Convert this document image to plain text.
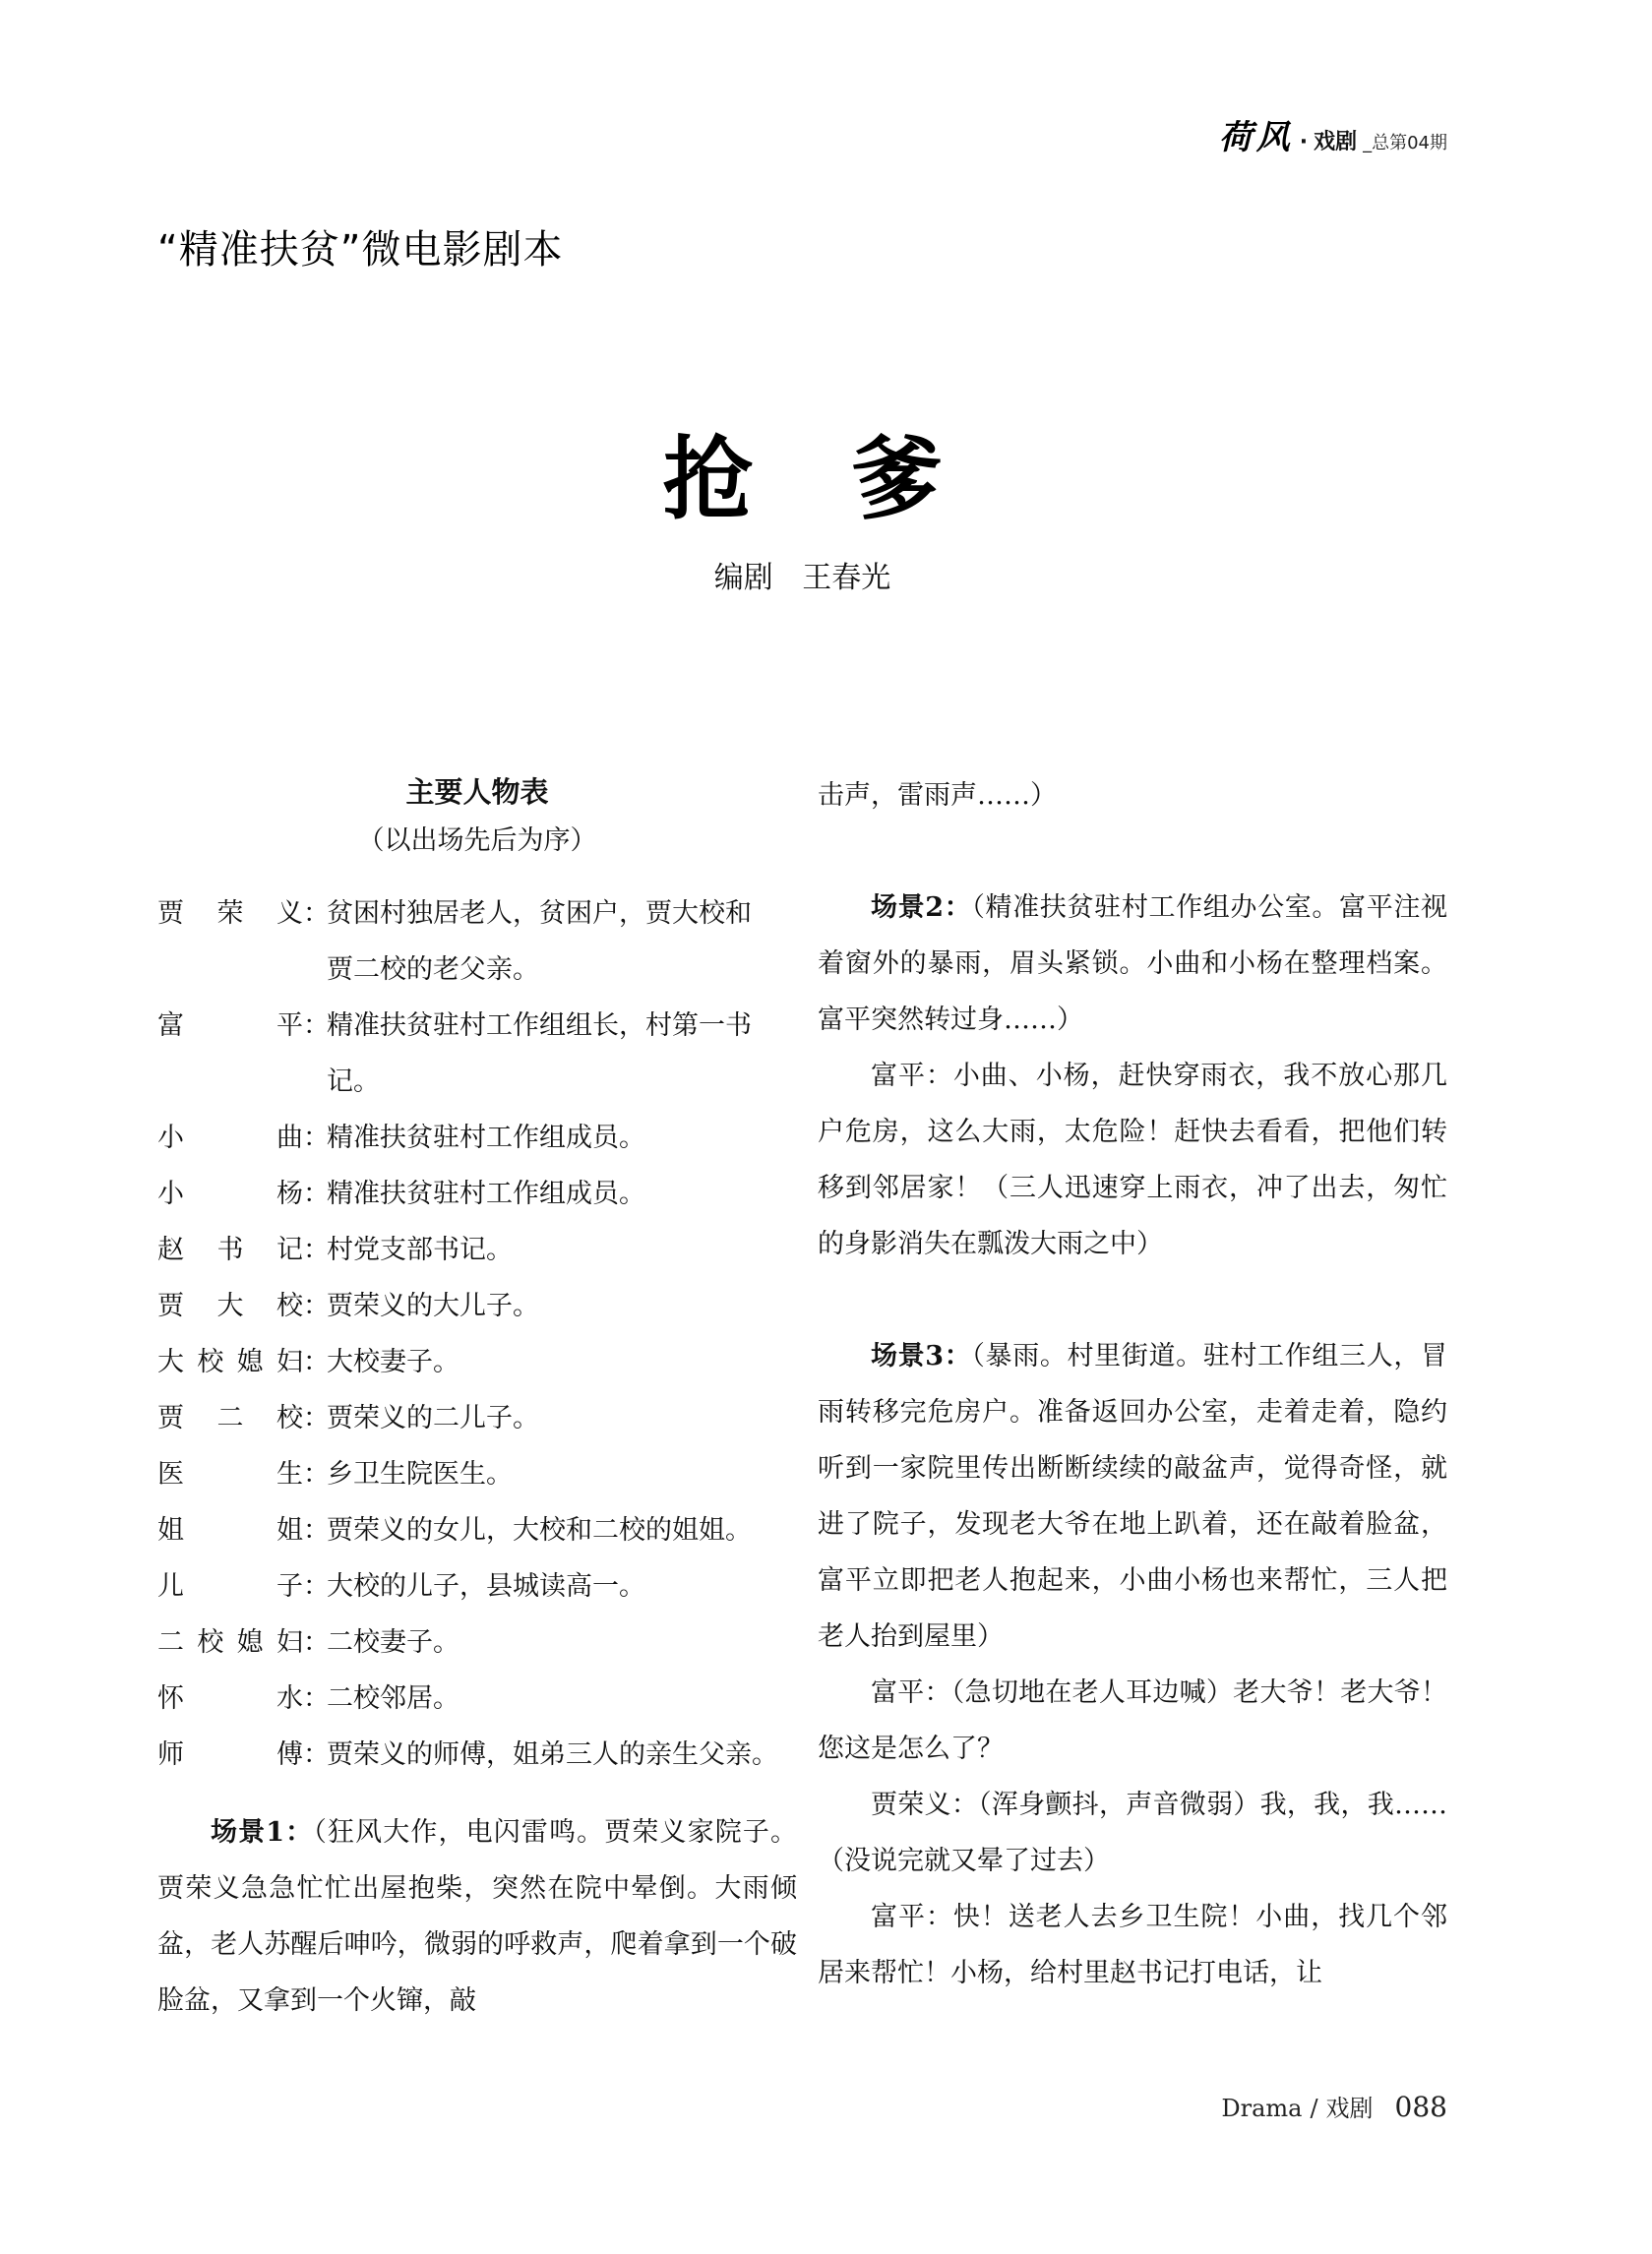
荷风 · 戏剧 _总第04期
“精准扶贫”微电影剧本
抢爹
编剧 王春光
主要人物表
（以出场先后为序）
贾 荣 义 ：
贫困村独居老人，贫困户，贾大校和
贾二校的老父亲。
富	平 ：
精准扶贫驻村工作组组长，村第一书记。
小	曲 ：
精准扶贫驻村工作组成员。
小	杨 ：
精准扶贫驻村工作组成员。
赵 书 记 ：
村党支部书记。
贾 大 校 ：
贾荣义的大儿子。
大 校 媳 妇 ：
大校妻子。
贾 二 校 ：
贾荣义的二儿子。
医	生 ：
乡卫生院医生。
姐	姐 ：
贾荣义的女儿，大校和二校的姐姐。
儿	子 ：
大校的儿子，县城读高一。
二 校 媳 妇 ：
二校妻子。
怀	水 ：
二校邻居。
师	傅 ：
贾荣义的师傅，姐弟三人的亲生父亲。

场景1：（狂风大作，电闪雷鸣。贾荣义家院子。贾荣义急急忙忙出屋抱柴，突然在院中晕倒。大雨倾盆，老人苏醒后呻吟，微弱的呼救声，爬着拿到一个破脸盆，又拿到一个火镩，敲

击声，雷雨声……）

场景2：（精准扶贫驻村工作组办公室。富平注视着窗外的暴雨，眉头紧锁。小曲和小杨在整理档案。富平突然转过身……）

富平：小曲、小杨，赶快穿雨衣，我不放心那几户危房，这么大雨，太危险！赶快去看看，把他们转移到邻居家！（三人迅速穿上雨衣，冲了出去，匆忙的身影消失在瓢泼大雨之中）

场景3：（暴雨。村里街道。驻村工作组三人，冒雨转移完危房户。准备返回办公室，走着走着，隐约听到一家院里传出断断续续的敲盆声，觉得奇怪，就进了院子，发现老大爷在地上趴着，还在敲着脸盆，富平立即把老人抱起来，小曲小杨也来帮忙，三人把老人抬到屋里）

富平：（急切地在老人耳边喊）老大爷！老大爷！您这是怎么了？

贾荣义：（浑身颤抖，声音微弱）我，我，我……（没说完就又晕了过去）

富平：快！送老人去乡卫生院！小曲，找几个邻居来帮忙！小杨，给村里赵书记打电话，让

Drama / 戏剧 088
